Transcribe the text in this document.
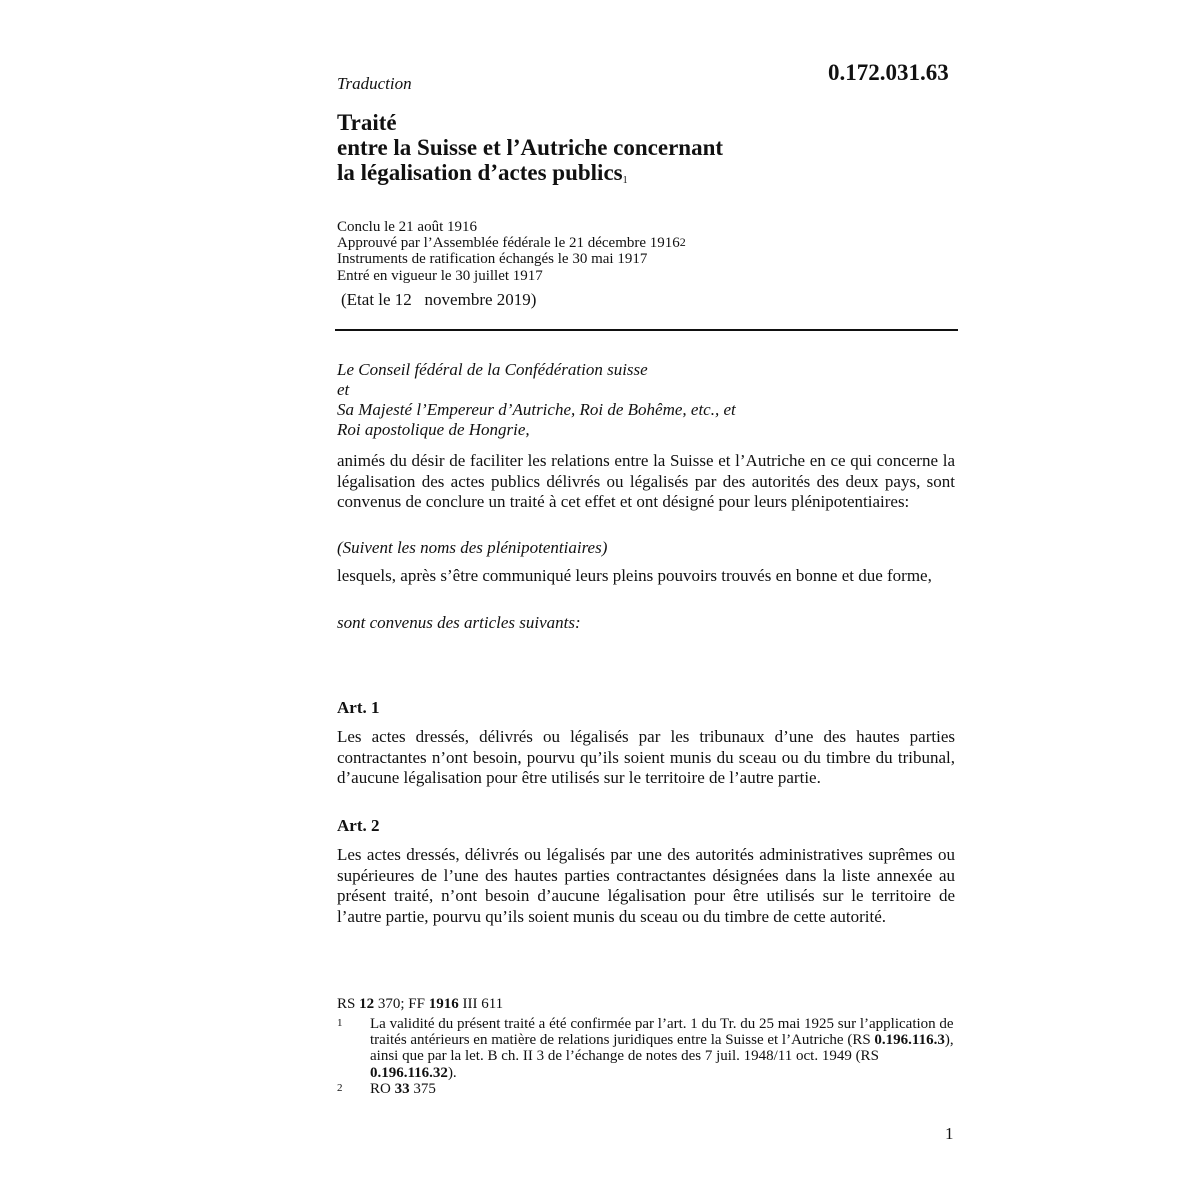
Traduction	0.172.031.63
Traité
entre la Suisse et l’Autriche concernant
la légalisation d’actes publics$^1$
Conclu le 21 août 1916
Approuvé par l’Assemblée fédérale le 21 décembre 1916$^2$
Instruments de ratification échangés le 30 mai 1917
Entré en vigueur le 30 juillet 1917
(Etat le 12   novembre 2019)
Le Conseil fédéral de la Confédération suisse
et
Sa Majesté l’Empereur d’Autriche, Roi de Bohême, etc., et
Roi apostolique de Hongrie,
animés du désir de faciliter les relations entre la Suisse et l’Autriche en ce qui concerne la légalisation des actes publics délivrés ou légalisés par des autorités des deux pays, sont convenus de conclure un traité à cet effet et ont désigné pour leurs plénipotentiaires:
(Suivent les noms des plénipotentiaires)
lesquels, après s’être communiqué leurs pleins pouvoirs trouvés en bonne et due forme,
sont convenus des articles suivants:
Art. 1
Les actes dressés, délivrés ou légalisés par les tribunaux d’une des hautes parties contractantes n’ont besoin, pourvu qu’ils soient munis du sceau ou du timbre du tribunal, d’aucune légalisation pour être utilisés sur le territoire de l’autre partie.
Art. 2
Les actes dressés, délivrés ou légalisés par une des autorités administratives suprêmes ou supérieures de l’une des hautes parties contractantes désignées dans la liste annexée au présent traité, n’ont besoin d’aucune légalisation pour être utilisés sur le territoire de l’autre partie, pourvu qu’ils soient munis du sceau ou du timbre de cette autorité.
RS 12 370; FF 1916 III 611
1 La validité du présent traité a été confirmée par l’art. 1 du Tr. du 25 mai 1925 sur l’application de traités antérieurs en matière de relations juridiques entre la Suisse et l’Autriche (RS 0.196.116.3), ainsi que par la let. B ch. II 3 de l’échange de notes des 7 juil. 1948/11 oct. 1949 (RS 0.196.116.32).
2 RO 33 375
1
